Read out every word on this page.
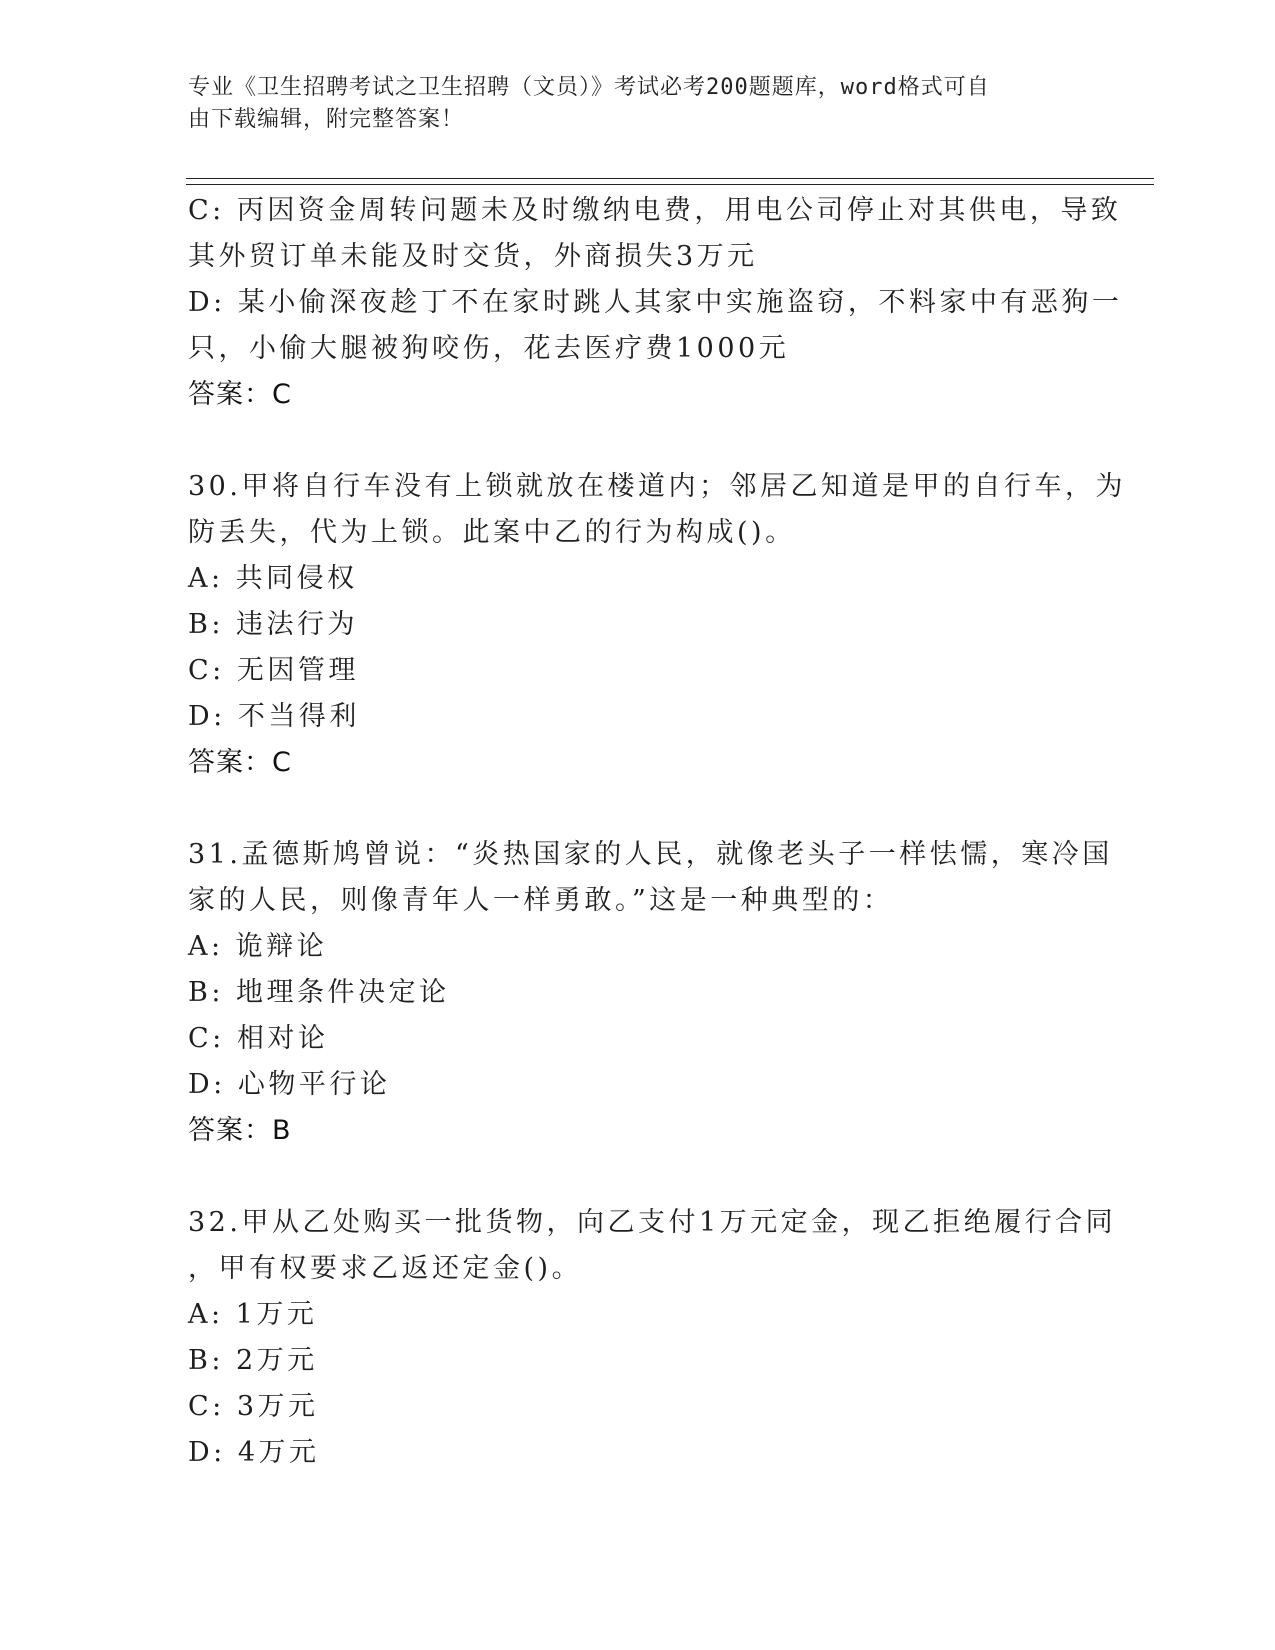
专业《卫生招聘考试之卫生招聘（文员）》考试必考200题题库，word格式可自
由下载编辑，附完整答案！
C: 丙因资金周转问题未及时缴纳电费，用电公司停止对其供电，导致
其外贸订单未能及时交货，外商损失3万元
D: 某小偷深夜趁丁不在家时跳人其家中实施盗窃，不料家中有恶狗一
只，小偷大腿被狗咬伤，花去医疗费1000元
答案：C
30.甲将自行车没有上锁就放在楼道内；邻居乙知道是甲的自行车，为
防丢失，代为上锁。此案中乙的行为构成()。
A: 共同侵权
B: 违法行为
C: 无因管理
D: 不当得利
答案：C
31.孟德斯鸠曾说：“炎热国家的人民，就像老头子一样怯懦，寒冷国
家的人民，则像青年人一样勇敢。”这是一种典型的：
A: 诡辩论
B: 地理条件决定论
C: 相对论
D: 心物平行论
答案：B
32.甲从乙处购买一批货物，向乙支付1万元定金，现乙拒绝履行合同
，甲有权要求乙返还定金()。
A: 1万元
B: 2万元
C: 3万元
D: 4万元
